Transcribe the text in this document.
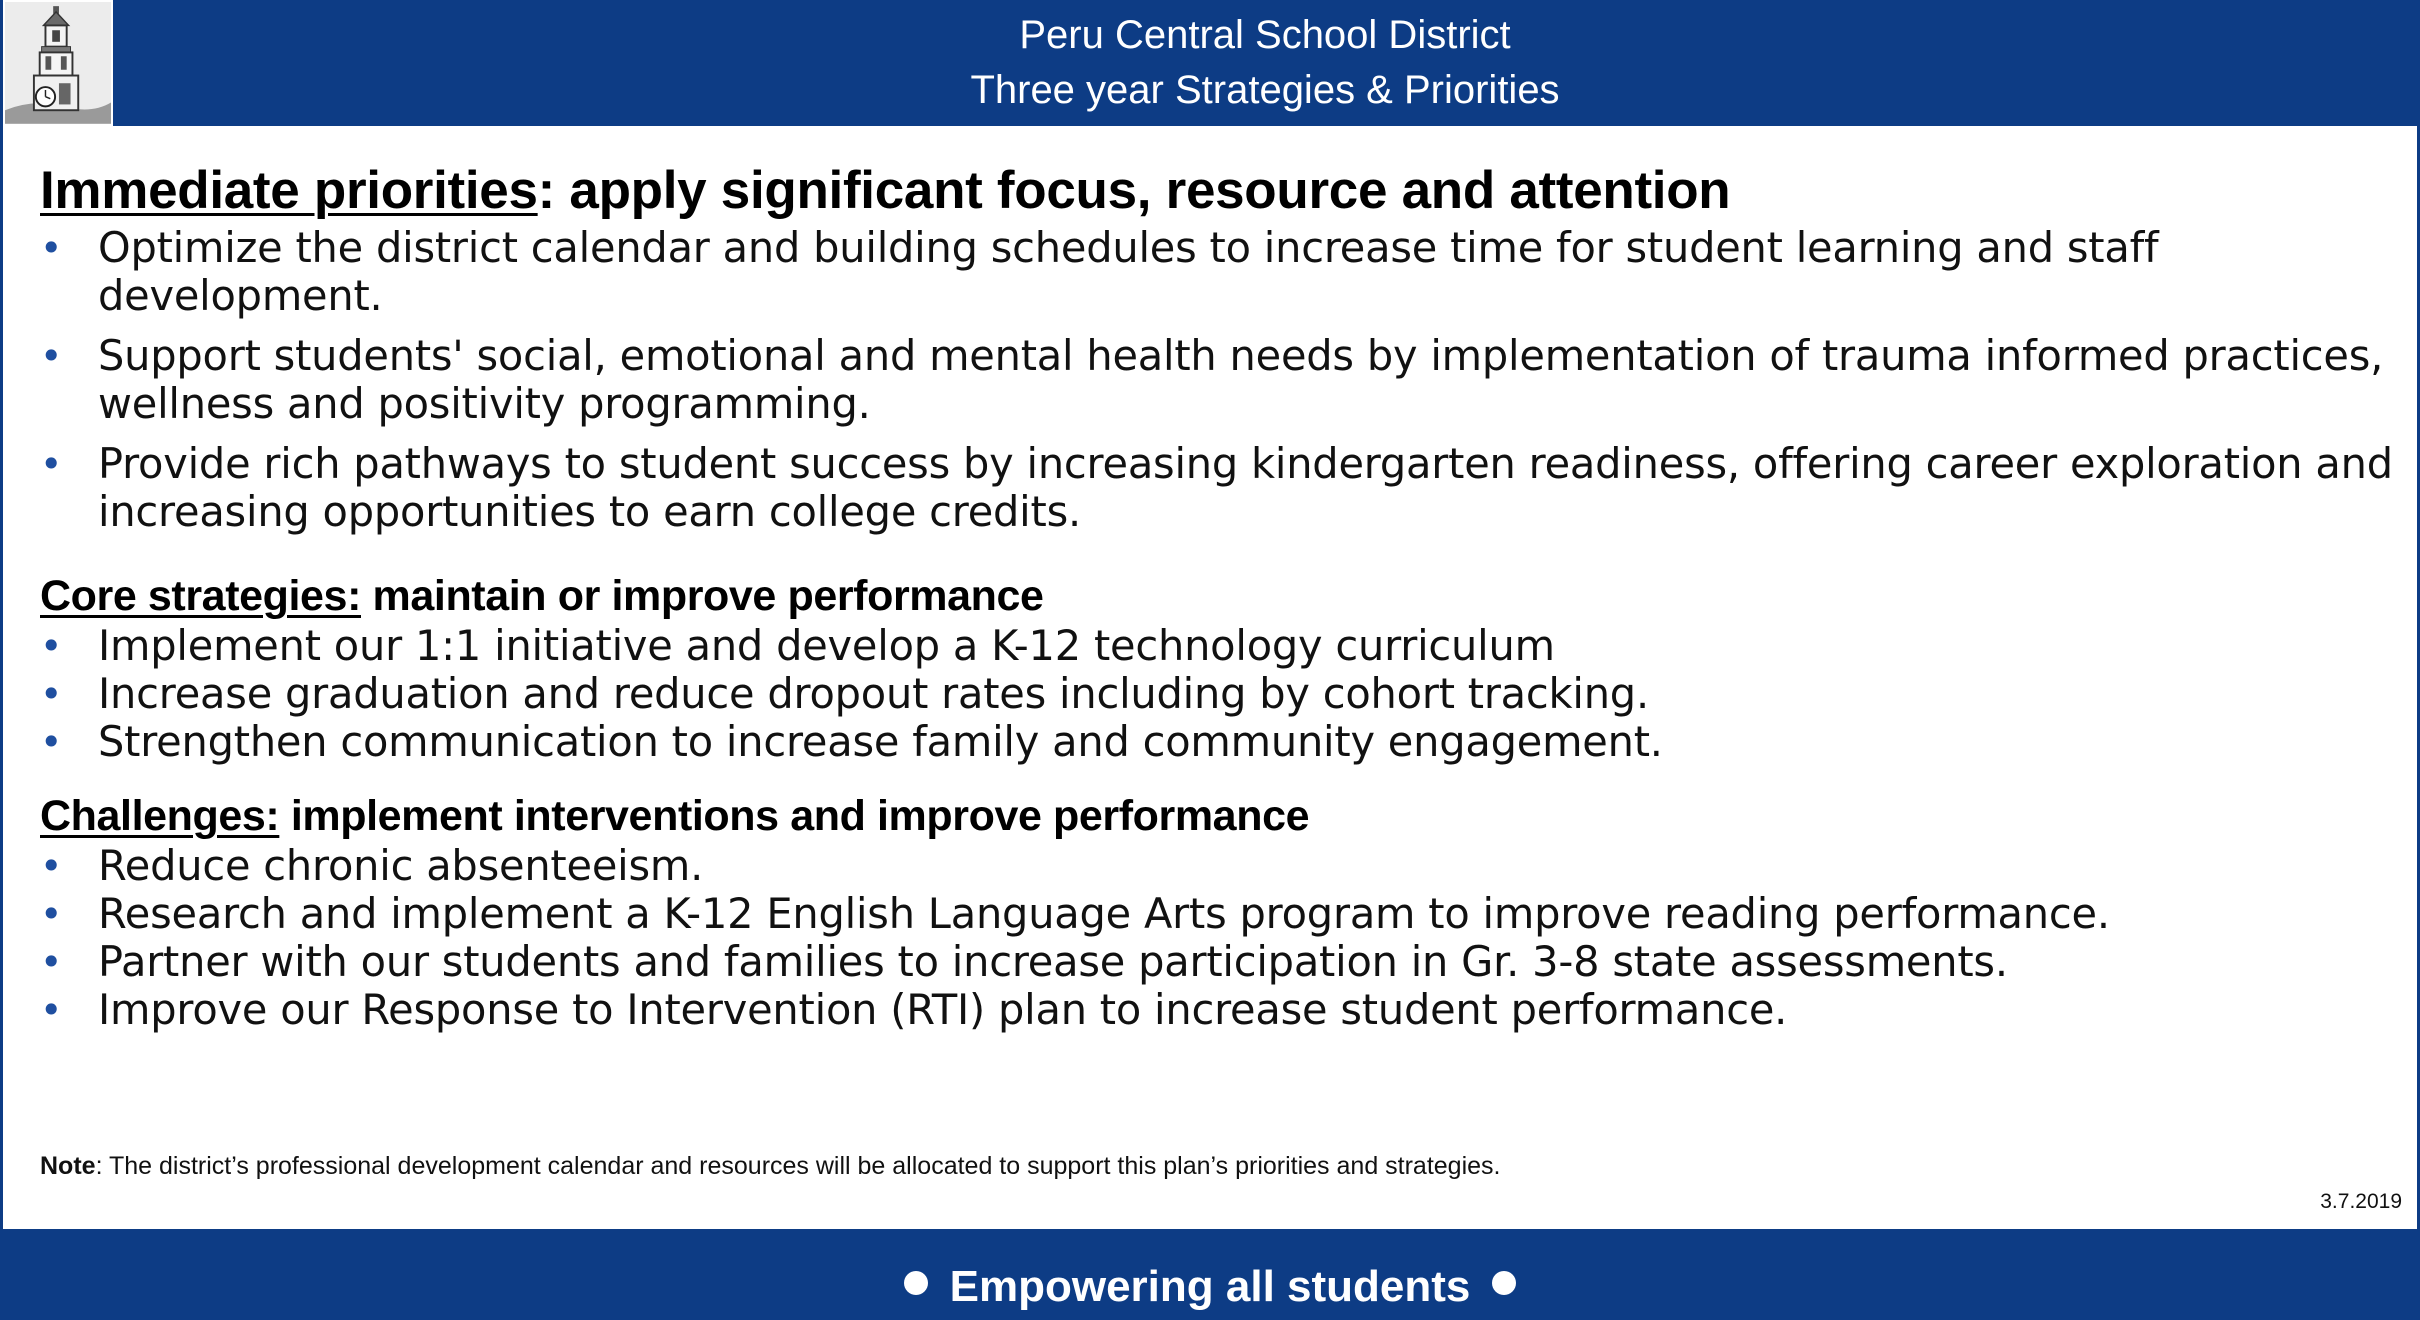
Peru Central School District
Three year Strategies & Priorities
Immediate priorities: apply significant focus, resource and attention
• Optimize the district calendar and building schedules to increase time for student learning and staff development.
• Support students' social, emotional and mental health needs by implementation of trauma informed practices, wellness and positivity programming.
• Provide rich pathways to student success by increasing kindergarten readiness, offering career exploration and increasing opportunities to earn college credits.
Core strategies: maintain or improve performance
• Implement our 1:1 initiative and develop a K-12 technology curriculum
• Increase graduation and reduce dropout rates including by cohort tracking.
• Strengthen communication to increase family and community engagement.
Challenges: implement interventions and improve performance
• Reduce chronic absenteeism.
• Research and implement a K-12 English Language Arts program to improve reading performance.
• Partner with our students and families to increase participation in Gr. 3-8 state assessments.
• Improve our Response to Intervention (RTI) plan to increase student performance.
Note: The district’s professional development calendar and resources will be allocated to support this plan’s priorities and strategies.
3.7.2019
Empowering all students
